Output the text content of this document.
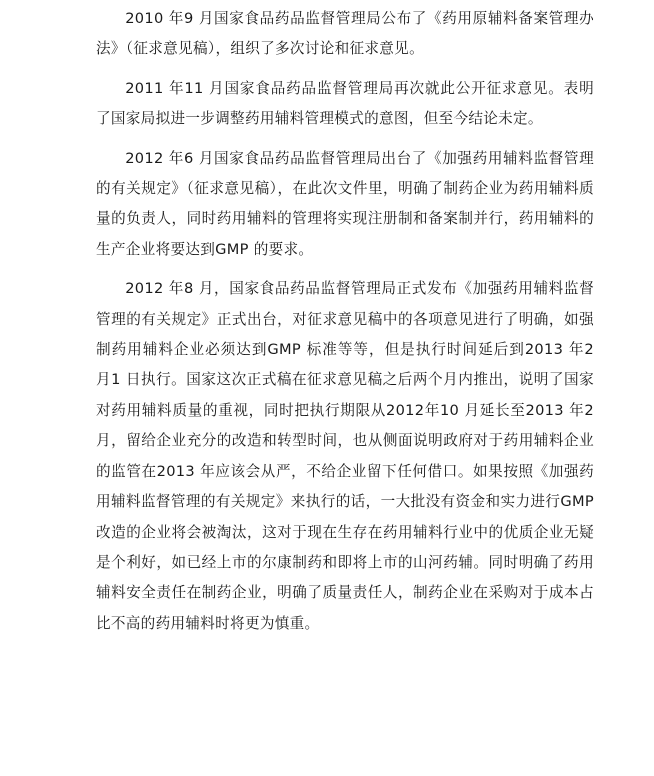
2010 年9 月国家食品药品监督管理局公布了《药用原辅料备案管理办法》（征求意见稿），组织了多次讨论和征求意见。

2011 年11 月国家食品药品监督管理局再次就此公开征求意见。表明了国家局拟进一步调整药用辅料管理模式的意图，但至今结论未定。

2012 年6 月国家食品药品监督管理局出台了《加强药用辅料监督管理的有关规定》（征求意见稿），在此次文件里，明确了制药企业为药用辅料质量的负责人，同时药用辅料的管理将实现注册制和备案制并行，药用辅料的生产企业将要达到GMP 的要求。

2012 年8 月，国家食品药品监督管理局正式发布《加强药用辅料监督管理的有关规定》正式出台，对征求意见稿中的各项意见进行了明确，如强制药用辅料企业必须达到GMP 标准等等，但是执行时间延后到2013 年2 月1 日执行。国家这次正式稿在征求意见稿之后两个月内推出，说明了国家对药用辅料质量的重视，同时把执行期限从2012年10 月延长至2013 年2 月，留给企业充分的改造和转型时间，也从侧面说明政府对于药用辅料企业的监管在2013 年应该会从严，不给企业留下任何借口。如果按照《加强药用辅料监督管理的有关规定》来执行的话，一大批没有资金和实力进行GMP 改造的企业将会被淘汰，这对于现在生存在药用辅料行业中的优质企业无疑是个利好，如已经上市的尔康制药和即将上市的山河药辅。同时明确了药用辅料安全责任在制药企业，明确了质量责任人，制药企业在采购对于成本占比不高的药用辅料时将更为慎重。
